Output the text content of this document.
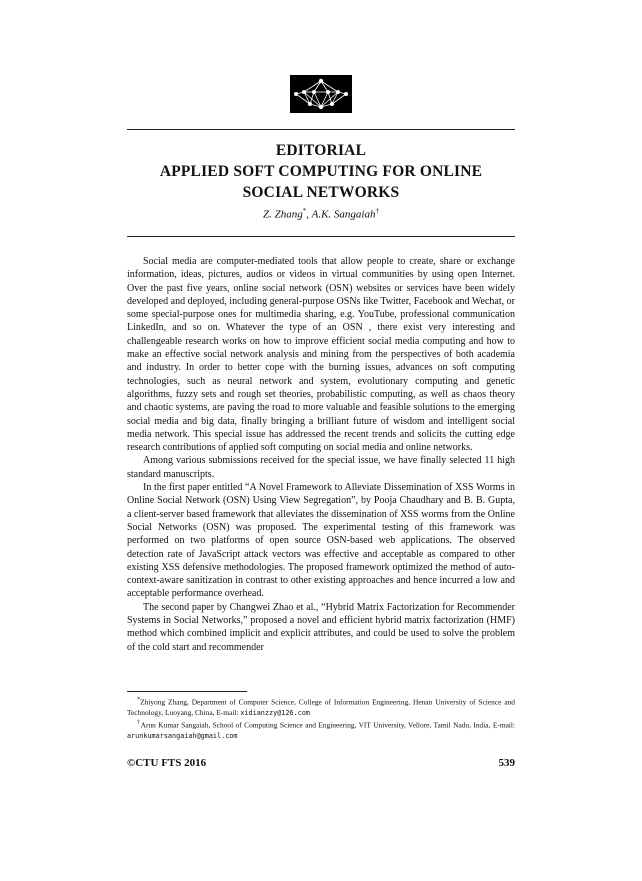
EDITORIAL
APPLIED SOFT COMPUTING FOR ONLINE
SOCIAL NETWORKS
Z. Zhang*, A.K. Sangaiah†

Social media are computer-mediated tools that allow people to create, share or exchange information, ideas, pictures, audios or videos in virtual communities by using open Internet. Over the past five years, online social network (OSN) websites or services have been widely developed and deployed, including general-purpose OSNs like Twitter, Facebook and Wechat, or some special-purpose ones for multimedia sharing, e.g. YouTube, professional communication LinkedIn, and so on. Whatever the type of an OSN , there exist very interesting and challengeable research works on how to improve efficient social media computing and how to make an effective social network analysis and mining from the perspectives of both academia and industry. In order to better cope with the burning issues, advances on soft computing technologies, such as neural network and system, evolutionary computing and genetic algorithms, fuzzy sets and rough set theories, probabilistic computing, as well as chaos theory and chaotic systems, are paving the road to more valuable and feasible solutions to the emerging social media and big data, finally bringing a brilliant future of wisdom and intelligent social media network. This special issue has addressed the recent trends and solicits the cutting edge research contributions of applied soft computing on social media and online networks.

Among various submissions received for the special issue, we have finally selected 11 high standard manuscripts.

In the first paper entitled “A Novel Framework to Alleviate Dissemination of XSS Worms in Online Social Network (OSN) Using View Segregation”, by Pooja Chaudhary and B. B. Gupta, a client-server based framework that alleviates the dissemination of XSS worms from the Online Social Networks (OSN) was proposed. The experimental testing of this framework was performed on two platforms of open source OSN-based web applications. The observed detection rate of JavaScript attack vectors was effective and acceptable as compared to other existing XSS defensive methodologies. The proposed framework optimized the method of auto-context-aware sanitization in contrast to other existing approaches and hence incurred a low and acceptable performance overhead.

The second paper by Changwei Zhao et al., “Hybrid Matrix Factorization for Recommender Systems in Social Networks,” proposed a novel and efficient hybrid matrix factorization (HMF) method which combined implicit and explicit attributes, and could be used to solve the problem of the cold start and recommender

*Zhiyong Zhang, Department of Computer Science, College of Information Engineering, Henan University of Science and Technology, Luoyang, China, E-mail: xidianzzy@126.com

†Arun Kumar Sangaiah, School of Computing Science and Engineering, VIT University, Vellore, Tamil Nadu, India, E-mail: arunkumarsangaiah@gmail.com

©CTU FTS 2016	539
